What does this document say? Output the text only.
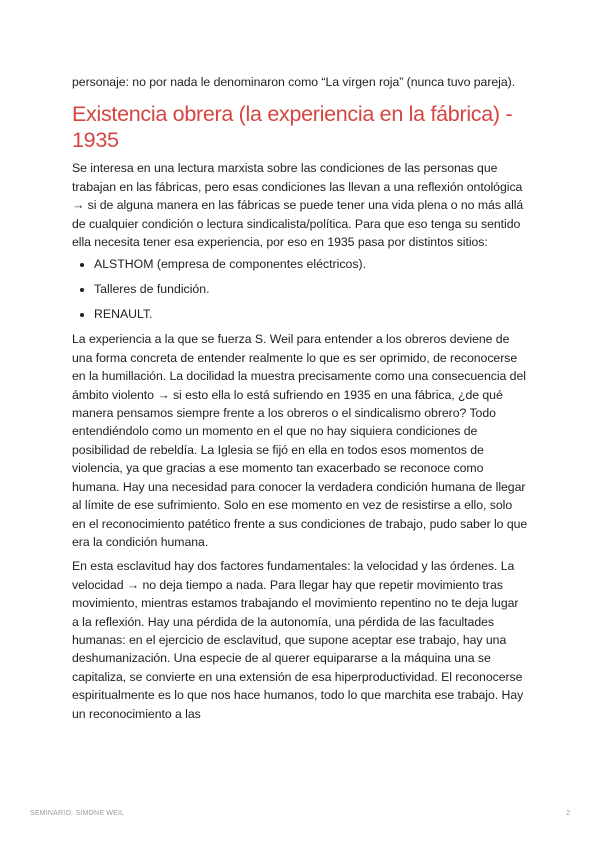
personaje: no por nada le denominaron como “La virgen roja” (nunca tuvo pareja).

Existencia obrera (la experiencia en la fábrica) - 1935

Se interesa en una lectura marxista sobre las condiciones de las personas que trabajan en las fábricas, pero esas condiciones las llevan a una reflexión ontológica → si de alguna manera en las fábricas se puede tener una vida plena o no más allá de cualquier condición o lectura sindicalista/política. Para que eso tenga su sentido ella necesita tener esa experiencia, por eso en 1935 pasa por distintos sitios:

ALSTHOM (empresa de componentes eléctricos).
Talleres de fundición.
RENAULT.

La experiencia a la que se fuerza S. Weil para entender a los obreros deviene de una forma concreta de entender realmente lo que es ser oprimido, de reconocerse en la humillación. La docilidad la muestra precisamente como una consecuencia del ámbito violento → si esto ella lo está sufriendo en 1935 en una fábrica, ¿de qué manera pensamos siempre frente a los obreros o el sindicalismo obrero? Todo entendiéndolo como un momento en el que no hay siquiera condiciones de posibilidad de rebeldía. La Iglesia se fijó en ella en todos esos momentos de violencia, ya que gracias a ese momento tan exacerbado se reconoce como humana. Hay una necesidad para conocer la verdadera condición humana de llegar al límite de ese sufrimiento. Solo en ese momento en vez de resistirse a ello, solo en el reconocimiento patético frente a sus condiciones de trabajo, pudo saber lo que era la condición humana.

En esta esclavitud hay dos factores fundamentales: la velocidad y las órdenes. La velocidad → no deja tiempo a nada. Para llegar hay que repetir movimiento tras movimiento, mientras estamos trabajando el movimiento repentino no te deja lugar a la reflexión. Hay una pérdida de la autonomía, una pérdida de las facultades humanas: en el ejercicio de esclavitud, que supone aceptar ese trabajo, hay una deshumanización. Una especie de al querer equipararse a la máquina una se capitaliza, se convierte en una extensión de esa hiperproductividad. El reconocerse espiritualmente es lo que nos hace humanos, todo lo que marchita ese trabajo. Hay un reconocimiento a las

SEMINARIO: SIMONE WEIL	2
